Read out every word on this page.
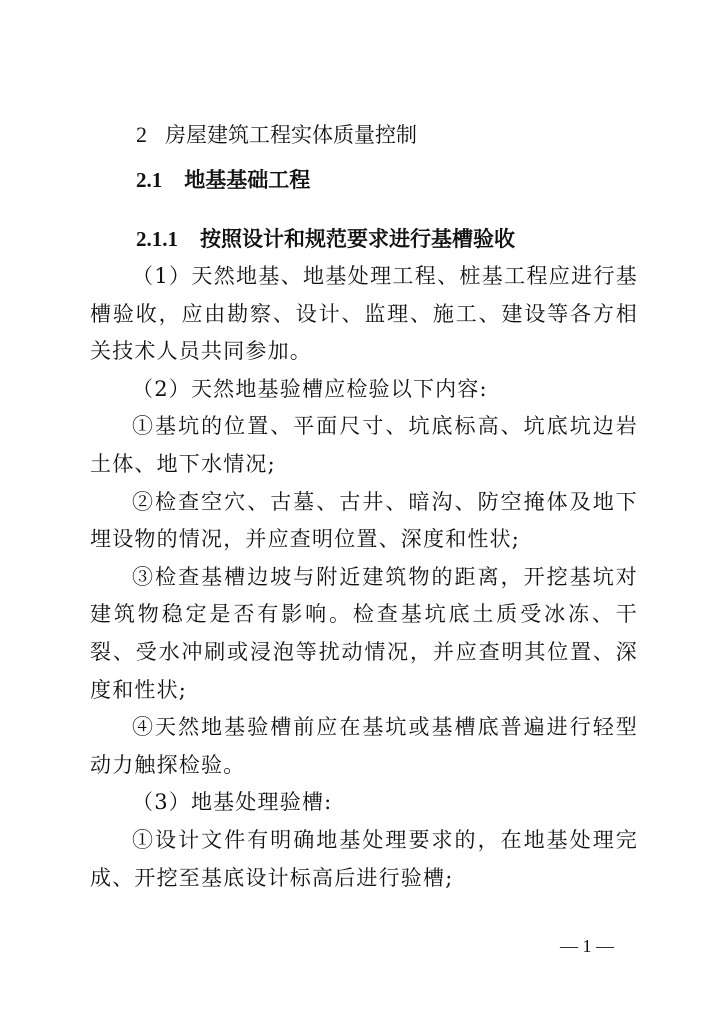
2 房屋建筑工程实体质量控制
2.1 地基基础工程
2.1.1 按照设计和规范要求进行基槽验收

（1）天然地基、地基处理工程、桩基工程应进行基槽验收，应由勘察、设计、监理、施工、建设等各方相关技术人员共同参加。

（2）天然地基验槽应检验以下内容:

①基坑的位置、平面尺寸、坑底标高、坑底坑边岩土体、地下水情况;

②检查空穴、古墓、古井、暗沟、防空掩体及地下埋设物的情况，并应查明位置、深度和性状;

③检查基槽边坡与附近建筑物的距离，开挖基坑对建筑物稳定是否有影响。检查基坑底土质受冰冻、干裂、受水冲刷或浸泡等扰动情况，并应查明其位置、深度和性状;

④天然地基验槽前应在基坑或基槽底普遍进行轻型动力触探检验。

（3）地基处理验槽:

①设计文件有明确地基处理要求的，在地基处理完成、开挖至基底设计标高后进行验槽;

— 1 —
